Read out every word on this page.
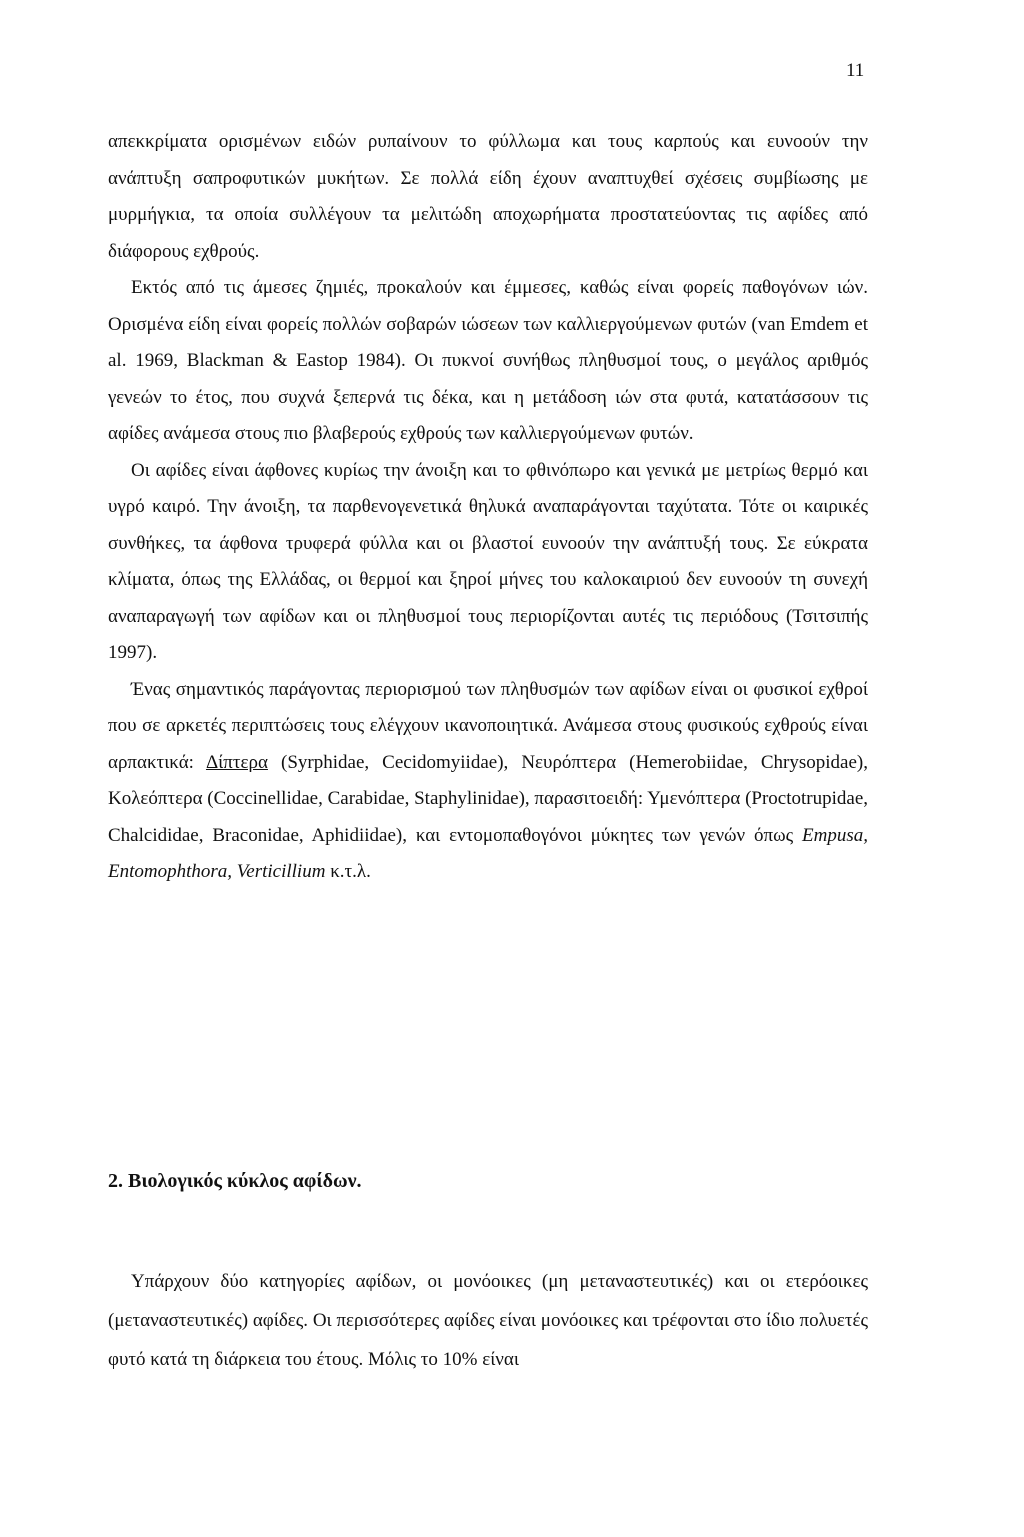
11

απεκκρίματα ορισμένων ειδών ρυπαίνουν το φύλλωμα και τους καρπούς και ευνοούν την ανάπτυξη σαπροφυτικών μυκήτων. Σε πολλά είδη έχουν αναπτυχθεί σχέσεις συμβίωσης με μυρμήγκια, τα οποία συλλέγουν τα μελιτώδη αποχωρήματα προστατεύοντας τις αφίδες από διάφορους εχθρούς.

Εκτός από τις άμεσες ζημιές, προκαλούν και έμμεσες, καθώς είναι φορείς παθογόνων ιών. Ορισμένα είδη είναι φορείς πολλών σοβαρών ιώσεων των καλλιεργούμενων φυτών (van Emdem et al. 1969, Blackman & Eastop 1984). Οι πυκνοί συνήθως πληθυσμοί τους, ο μεγάλος αριθμός γενεών το έτος, που συχνά ξεπερνά τις δέκα, και η μετάδοση ιών στα φυτά, κατατάσσουν τις αφίδες ανάμεσα στους πιο βλαβερούς εχθρούς των καλλιεργούμενων φυτών.

Οι αφίδες είναι άφθονες κυρίως την άνοιξη και το φθινόπωρο και γενικά με μετρίως θερμό και υγρό καιρό. Την άνοιξη, τα παρθενογενετικά θηλυκά αναπαράγονται ταχύτατα. Τότε οι καιρικές συνθήκες, τα άφθονα τρυφερά φύλλα και οι βλαστοί ευνοούν την ανάπτυξή τους. Σε εύκρατα κλίματα, όπως της Ελλάδας, οι θερμοί και ξηροί μήνες του καλοκαιριού δεν ευνοούν τη συνεχή αναπαραγωγή των αφίδων και οι πληθυσμοί τους περιορίζονται αυτές τις περιόδους (Τσιτσιπής 1997).

Ένας σημαντικός παράγοντας περιορισμού των πληθυσμών των αφίδων είναι οι φυσικοί εχθροί που σε αρκετές περιπτώσεις τους ελέγχουν ικανοποιητικά. Ανάμεσα στους φυσικούς εχθρούς είναι αρπακτικά: Δίπτερα (Syrphidae, Cecidomyiidae), Νευρόπτερα (Hemerobiidae, Chrysopidae), Κολεόπτερα (Coccinellidae, Carabidae, Staphylinidae), παρασιτοειδή: Υμενόπτερα (Proctotrupidae, Chalcididae, Braconidae, Aphidiidae), και εντομοπαθογόνοι μύκητες των γενών όπως Empusa, Entomophthora, Verticillium κ.τ.λ.

2. Βιολογικός κύκλος αφίδων.

Υπάρχουν δύο κατηγορίες αφίδων, οι μονόοικες (μη μεταναστευτικές) και οι ετερόοικες (μεταναστευτικές) αφίδες. Οι περισσότερες αφίδες είναι μονόοικες και τρέφονται στο ίδιο πολυετές φυτό κατά τη διάρκεια του έτους. Μόλις το 10% είναι
